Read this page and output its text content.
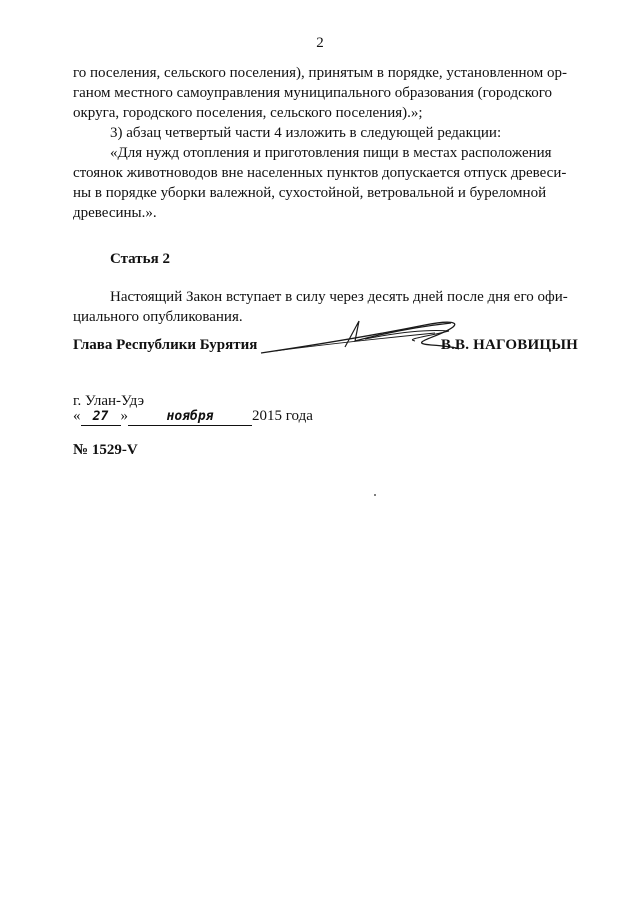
2

го поселения, сельского поселения), принятым в порядке, установленном ор-

ганом местного самоуправления муниципального образования (городского

округа, городского поселения, сельского поселения).»;

3) абзац четвертый части 4 изложить в следующей редакции:

«Для нужд отопления и приготовления пищи в местах расположения

стоянок животноводов вне населенных пунктов допускается отпуск древеси-

ны в порядке уборки валежной, сухостойной, ветровальной и буреломной

древесины.».

Статья 2

Настоящий Закон вступает в силу через десять дней после дня его офи-

циального опубликования.

Глава Республики Бурятия	В.В. НАГОВИЦЫН
г. Улан-Удэ
« 27 »	ноября	2015 года
№ 1529-V
